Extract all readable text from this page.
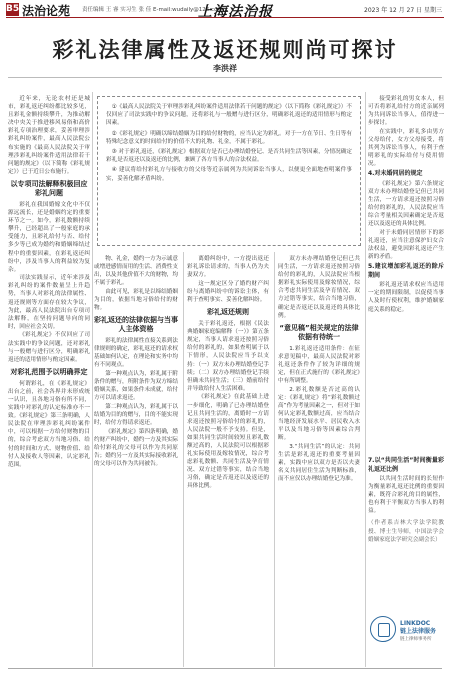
B5 法治论苑 责任编辑 王 睿 实习生 张 佳 E-mail:wudaily@126.com
上海法治报	2023 年 12 月 27 日 星期三
彩礼法律属性及返还规则尚可探讨
李洪祥

近年来，无论农村还是城市，彩礼返还纠纷都比较多见，且彩礼金额持续攀升，为推动解决中央关于推进移风易俗和高价彩礼专项治理要求，妥善审理涉彩礼纠纷案件，最高人民法院公布实施的《最高人民法院关于审理涉彩礼纠纷案件适用法律若干问题的规定》（以下简称《彩礼规定》）已于近日公布施行。

以专项司法解释积极回应彩礼问题

彩礼在我国婚嫁文化中不仅源远流长，还是婚姻约定的重要环节之一。如今，彩礼数额持续攀升，已经超出了一般家庭的承受能力，且彩礼给付与否、给付多少等已成为婚约和婚姻缔结过程中的重要因素，在彩礼返还纠纷中，涉及当事人的利益较为复杂。

司法实践显示，近年来涉及彩礼纠纷的案件数量呈上升趋势，当事人对彩礼的法律属性、返还规则等方面存在较大争议，为此，最高人民法院出台专项司法解释，在坚持问题导向的同时，回应社会关切。

《彩礼规定》不仅回应了司法实践中的争议问题，还对彩礼与一般赠与进行区分，明确彩礼返还的适用情形与酌定因素。

对彩礼范围予以明确界定

何谓彩礼，在《彩礼规定》出台之前，社会各界并未形成统一认识，且各地习俗有所不同，实践中对彩礼的认定标准亦不一致。《彩礼规定》第三条明确，人民法院在审理涉彩礼纠纷案件中，可以根据一方给付财物的目的，综合考虑双方当地习俗、给付的时间和方式、财物价值、给付人及接收人等因素，认定彩礼范围。

①《最高人民法院关于审理涉彩礼纠纷案件适用法律若干问题的规定》（以下简称《彩礼规定》）不仅回应了司法实践中的争议问题，还将彩礼与一般赠与进行区分，明确彩礼返还的适用情形与酌定因素。

②《彩礼规定》明确以缔结婚姻为目的给付财物的，应当认定为彩礼。对于一方在节日、生日等有特殊纪念意义的时间给付的价值不大的礼物、礼金，不属于彩礼。

③ 对于彩礼返还，《彩礼规定》根据双方是否已办理结婚登记、是否共同生活等因素，分情况确定彩礼是否返还以及返还的比例，兼顾了各方当事人的合法权益。

④ 建议将给付彩礼方与接收方的父母等近亲属列为共同诉讼当事人，以便更全面地查明案件事实，妥善化解矛盾纠纷。

物、礼金，婚约一方为示诚意或增进感情而用的生活、消费性支出，以及其他价值不大的财物，均不属于彩礼。

由此可见，彩礼是以缔结婚姻为目的，依据当地习俗给付的财物。

彩礼返还的法律依据与当事人主体资格

彩礼的法律属性直接关系到法律规则的确定，彩礼返还的请求权基础如何认定，在理论和实务中均有不同观点。

第一种观点认为，彩礼属于附条件的赠与，所附条件为双方缔结婚姻关系，如果条件未成就，给付方可以请求返还。

第二种观点认为，彩礼属于以结婚为目的的赠与，目的不能实现时，给付方得请求返还。

《彩礼规定》第四条明确，婚约财产纠纷中，婚约一方及其实际给付彩礼的父母可以作为共同原告；婚约另一方及其实际接收彩礼的父母可以作为共同被告。

离婚纠纷中，一方提出返还彩礼诉讼请求的，当事人仍为夫妻双方。

这一规定区分了婚约财产纠纷与离婚纠纷中的诉讼主体，有利于查明事实、妥善化解纠纷。

彩礼返还规则

关于彩礼返还，根据《民法典婚姻家庭编解释（一）》第五条规定，当事人请求返还按照习俗给付的彩礼的，如果查明属于以下情形，人民法院应当予以支持：（一）双方未办理结婚登记手续；（二）双方办理结婚登记手续但确未共同生活；（三）婚前给付并导致给付人生活困难。

《彩礼规定》在此基础上进一步细化，明确了已办理结婚登记且共同生活的，离婚时一方请求返还按照习俗给付的彩礼的，人民法院一般不予支持。但是，如果共同生活时间较短且彩礼数额过高的，人民法院可以根据彩礼实际使用及嫁妆情况，综合考虑彩礼数额、共同生活及孕育情况、双方过错等事实，结合当地习俗，确定是否返还以及返还的具体比例。

双方未办理结婚登记但已共同生活，一方请求返还按照习俗给付的彩礼的，人民法院应当根据彩礼实际使用及嫁妆情况，综合考虑共同生活及孕育情况、双方过错等事实，结合当地习俗，确定是否返还以及返还的具体比例。

“意见稿”相关规定的法律依据有待统一

1.彩礼返还适用条件：在征求意见稿中，最高人民法院对彩礼返还条件作了较为详细的规定，但在正式施行的《彩礼规定》中有所调整。

2.彩礼数额是否过高的认定：《彩礼规定》将“彩礼数额过高”作为考量因素之一，但对于如何认定彩礼数额过高，应当结合当地经济发展水平、居民收入水平以及当地习俗等因素综合判断。

3.“共同生活”的认定：共同生活是彩礼返还的重要考量因素，实践中应以双方是否以夫妻名义共同居住生活为判断标准，而不应仅以办理结婚登记为准。

接受彩礼的男女本人，但可否将彩礼给付方的近亲属列为共同诉讼当事人，值得进一步探讨。

在实践中，彩礼多由男方父母给付，女方父母接受，将其列为诉讼当事人，有利于查明彩礼的实际给付与使用情况。

4.对未婚同居的规定

《彩礼规定》第六条规定双方未办理结婚登记但已共同生活，一方请求返还按照习俗给付的彩礼的，人民法院应当综合考量相关因素确定是否返还以及返还的具体比例。

对于未婚同居情形下的彩礼返还，应当注意保护妇女合法权益，避免因彩礼返还产生新的矛盾。

5.建议增加彩礼返还的除斥期间

彩礼返还请求权应当适用一定的期间限制，以促使当事人及时行使权利，维护婚姻家庭关系的稳定。

7.以“共同生活”时间衡量彩礼返还比例

以共同生活时间的长短作为衡量彩礼返还比例的重要因素，既符合彩礼的目的属性，也有利于平衡双方当事人的利益。

（作者系吉林大学法学院教授、博士生导师，中国法学会婚姻家庭法学研究会副会长）

LINKDOC
链上法律服务
链上律师事务所
